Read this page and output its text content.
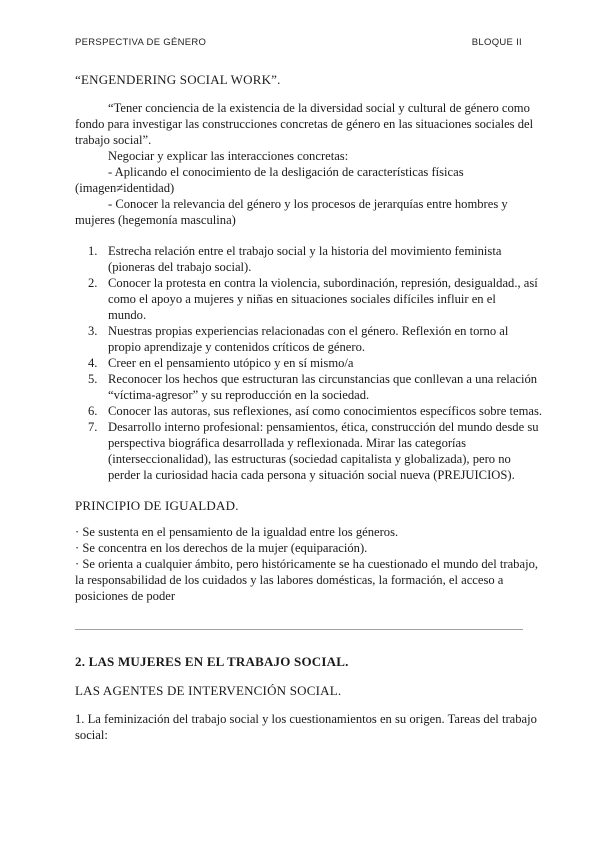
PERSPECTIVA DE GÉNERO	BLOQUE II
“ENGENDERING SOCIAL WORK”.
“Tener conciencia de la existencia de la diversidad social y cultural de género como
fondo para investigar las construcciones concretas de género en las situaciones sociales del
trabajo social”.
Negociar y explicar las interacciones concretas:
- Aplicando el conocimiento de la desligación de características físicas
(imagen≠identidad)
- Conocer la relevancia del género y los procesos de jerarquías entre hombres y
mujeres (hegemonía masculina)
1. Estrecha relación entre el trabajo social y la historia del movimiento feminista
(pioneras del trabajo social).
2. Conocer la protesta en contra la violencia, subordinación, represión, desigualdad., así
como el apoyo a mujeres y niñas en situaciones sociales difíciles influir en el
mundo.
3. Nuestras propias experiencias relacionadas con el género. Reflexión en torno al
propio aprendizaje y contenidos críticos de género.
4. Creer en el pensamiento utópico y en sí mismo/a
5. Reconocer los hechos que estructuran las circunstancias que conllevan a una relación
“víctima-agresor” y su reproducción en la sociedad.
6. Conocer las autoras, sus reflexiones, así como conocimientos específicos sobre temas.
7. Desarrollo interno profesional: pensamientos, ética, construcción del mundo desde su
perspectiva biográfica desarrollada y reflexionada. Mirar las categorías
(interseccionalidad), las estructuras (sociedad capitalista y globalizada), pero no
perder la curiosidad hacia cada persona y situación social nueva (PREJUICIOS).
PRINCIPIO DE IGUALDAD.
· Se sustenta en el pensamiento de la igualdad entre los géneros.
· Se concentra en los derechos de la mujer (equiparación).
· Se orienta a cualquier ámbito, pero históricamente se ha cuestionado el mundo del trabajo,
la responsabilidad de los cuidados y las labores domésticas, la formación, el acceso a
posiciones de poder
2. LAS MUJERES EN EL TRABAJO SOCIAL.
LAS AGENTES DE INTERVENCIÓN SOCIAL.
1. La feminización del trabajo social y los cuestionamientos en su origen. Tareas del trabajo
social:
